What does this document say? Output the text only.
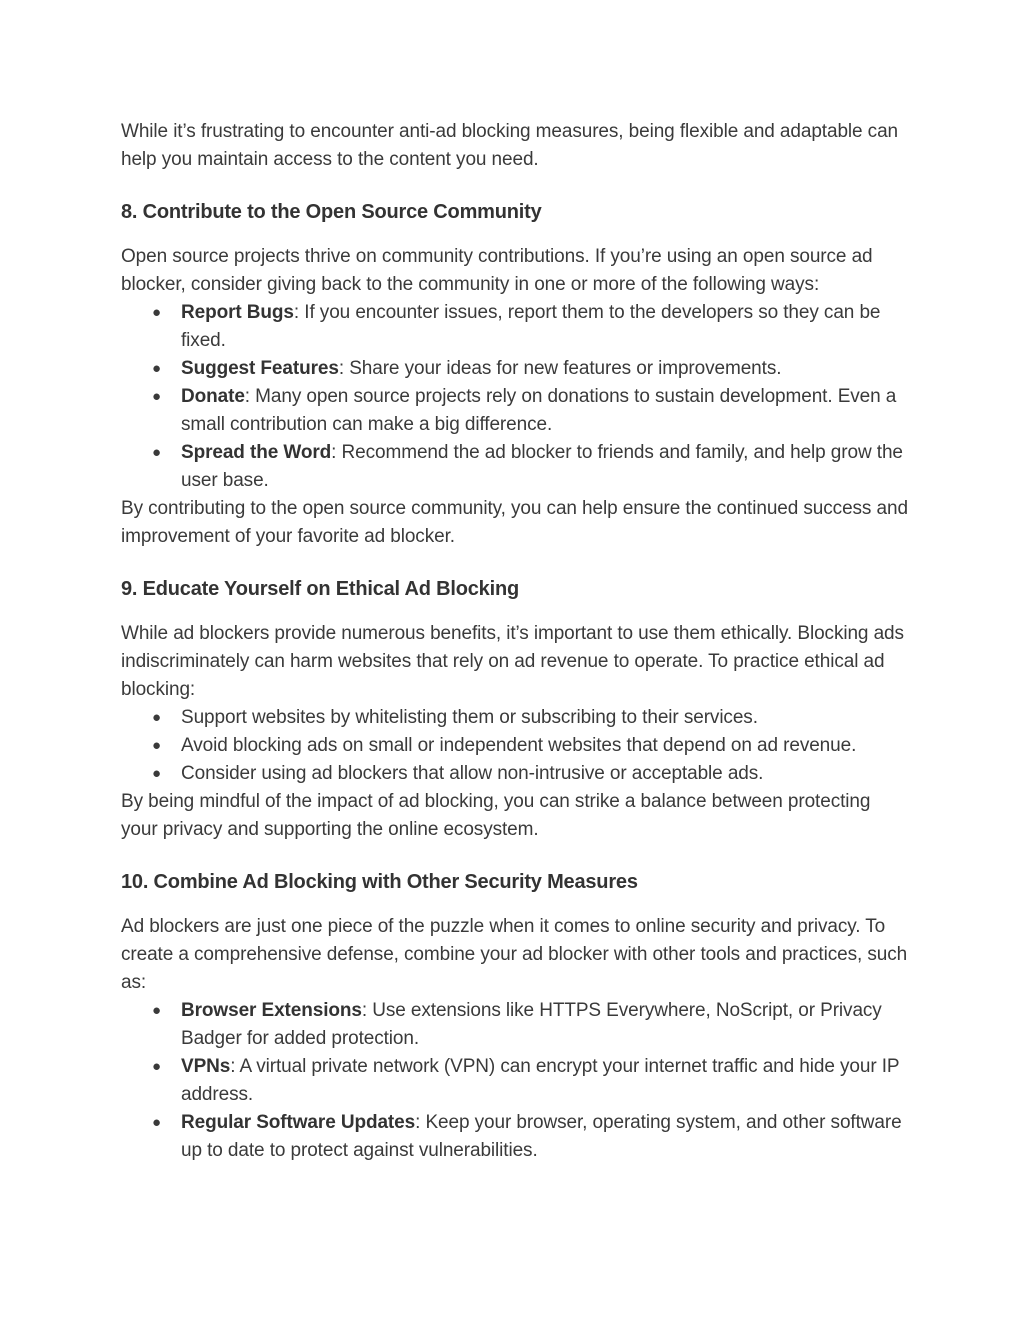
While it’s frustrating to encounter anti-ad blocking measures, being flexible and adaptable can help you maintain access to the content you need.

8. Contribute to the Open Source Community

Open source projects thrive on community contributions. If you’re using an open source ad blocker, consider giving back to the community in one or more of the following ways:

● Report Bugs: If you encounter issues, report them to the developers so they can be fixed.
● Suggest Features: Share your ideas for new features or improvements.
● Donate: Many open source projects rely on donations to sustain development. Even a small contribution can make a big difference.
● Spread the Word: Recommend the ad blocker to friends and family, and help grow the user base.

By contributing to the open source community, you can help ensure the continued success and improvement of your favorite ad blocker.

9. Educate Yourself on Ethical Ad Blocking

While ad blockers provide numerous benefits, it’s important to use them ethically. Blocking ads indiscriminately can harm websites that rely on ad revenue to operate. To practice ethical ad blocking:

● Support websites by whitelisting them or subscribing to their services.
● Avoid blocking ads on small or independent websites that depend on ad revenue.
● Consider using ad blockers that allow non-intrusive or acceptable ads.

By being mindful of the impact of ad blocking, you can strike a balance between protecting your privacy and supporting the online ecosystem.

10. Combine Ad Blocking with Other Security Measures

Ad blockers are just one piece of the puzzle when it comes to online security and privacy. To create a comprehensive defense, combine your ad blocker with other tools and practices, such as:

● Browser Extensions: Use extensions like HTTPS Everywhere, NoScript, or Privacy Badger for added protection.
● VPNs: A virtual private network (VPN) can encrypt your internet traffic and hide your IP address.
● Regular Software Updates: Keep your browser, operating system, and other software up to date to protect against vulnerabilities.
